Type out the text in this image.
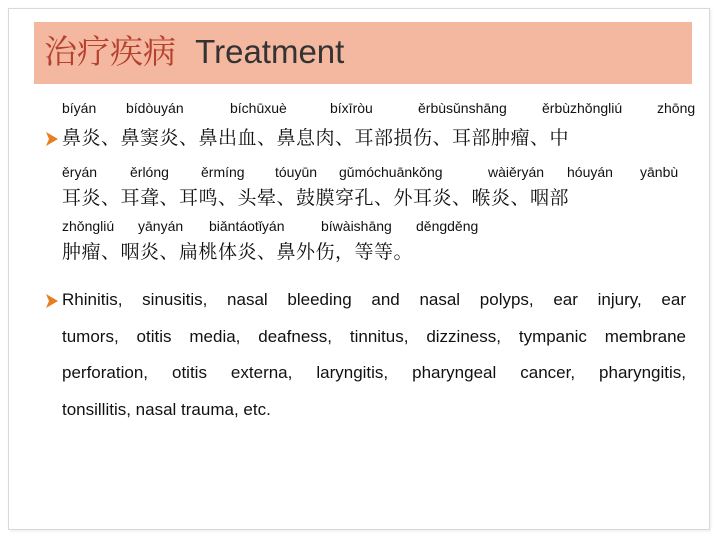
治疗疾病 Treatment
bíyán bídòuyán	bíchūxuè	bíxīròu	ěrbùsǔnshāng	ěrbùzhǒngliú zhōng
鼻炎、鼻窦炎、鼻出血、鼻息肉、耳部损伤、耳部肿瘤、中
ěryán ěrlóng ěrmíng tóuyūn gǔmóchuānkǒng	wàiěryán hóuyán yānbù
耳炎、耳聋、耳鸣、头晕、鼓膜穿孔、外耳炎、喉炎、咽部
zhǒngliú yānyán biǎntáotǐyán	bíwàishāng děngděng
肿瘤、咽炎、扁桃体炎、鼻外伤，等等。
Rhinitis, sinusitis, nasal bleeding and nasal polyps, ear injury, ear
tumors, otitis media, deafness, tinnitus, dizziness, tympanic membrane
perforation, otitis externa, laryngitis, pharyngeal cancer, pharyngitis,
tonsillitis, nasal trauma, etc.
